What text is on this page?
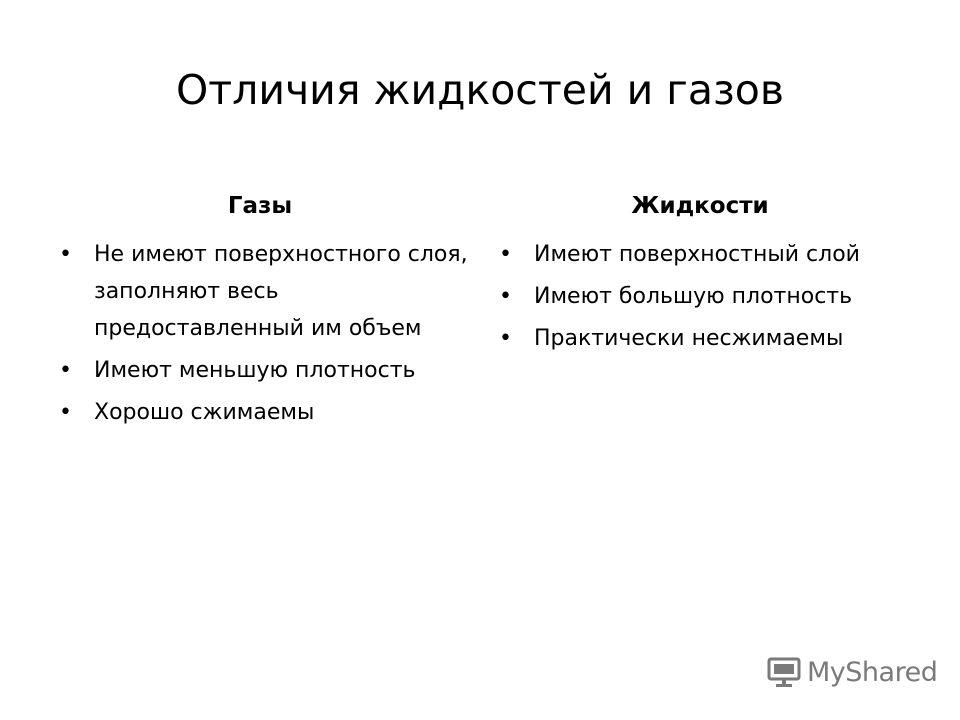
Отличия жидкостей и газов
Газы	Жидкости
• Не имеют поверхностного слоя, заполняют весь предоставленный им объем
• Имеют меньшую плотность
• Хорошо сжимаемы
• Имеют поверхностный слой
• Имеют большую плотность
• Практически несжимаемы
MyShared
